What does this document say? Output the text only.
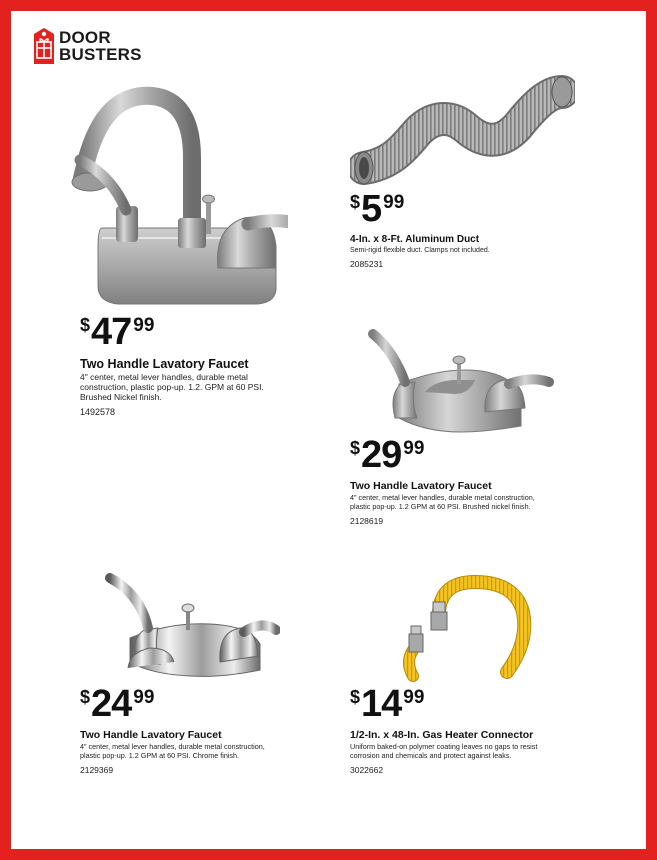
DOOR
BUSTERS
$ 47 99
Two Handle Lavatory Faucet
4" center, metal lever handles, durable metal
construction, plastic pop-up. 1.2. GPM at 60 PSI.
Brushed Nickel finish.
1492578
$ 5 99
4-In. x 8-Ft. Aluminum Duct
Semi-rigid flexible duct. Clamps not included.
2085231
$ 29 99
Two Handle Lavatory Faucet
4" center, metal lever handles, durable metal construction,
plastic pop-up. 1.2 GPM at 60 PSI. Brushed nickel finish.
2128619
$ 24 99
Two Handle Lavatory Faucet
4" center, metal lever handles, durable metal construction,
plastic pop-up. 1.2 GPM at 60 PSI. Chrome finish.
2129369
$ 14 99
1/2-In. x 48-In. Gas Heater Connector
Uniform baked-on polymer coating leaves no gaps to resist
corrosion and chemicals and protect against leaks.
3022662
